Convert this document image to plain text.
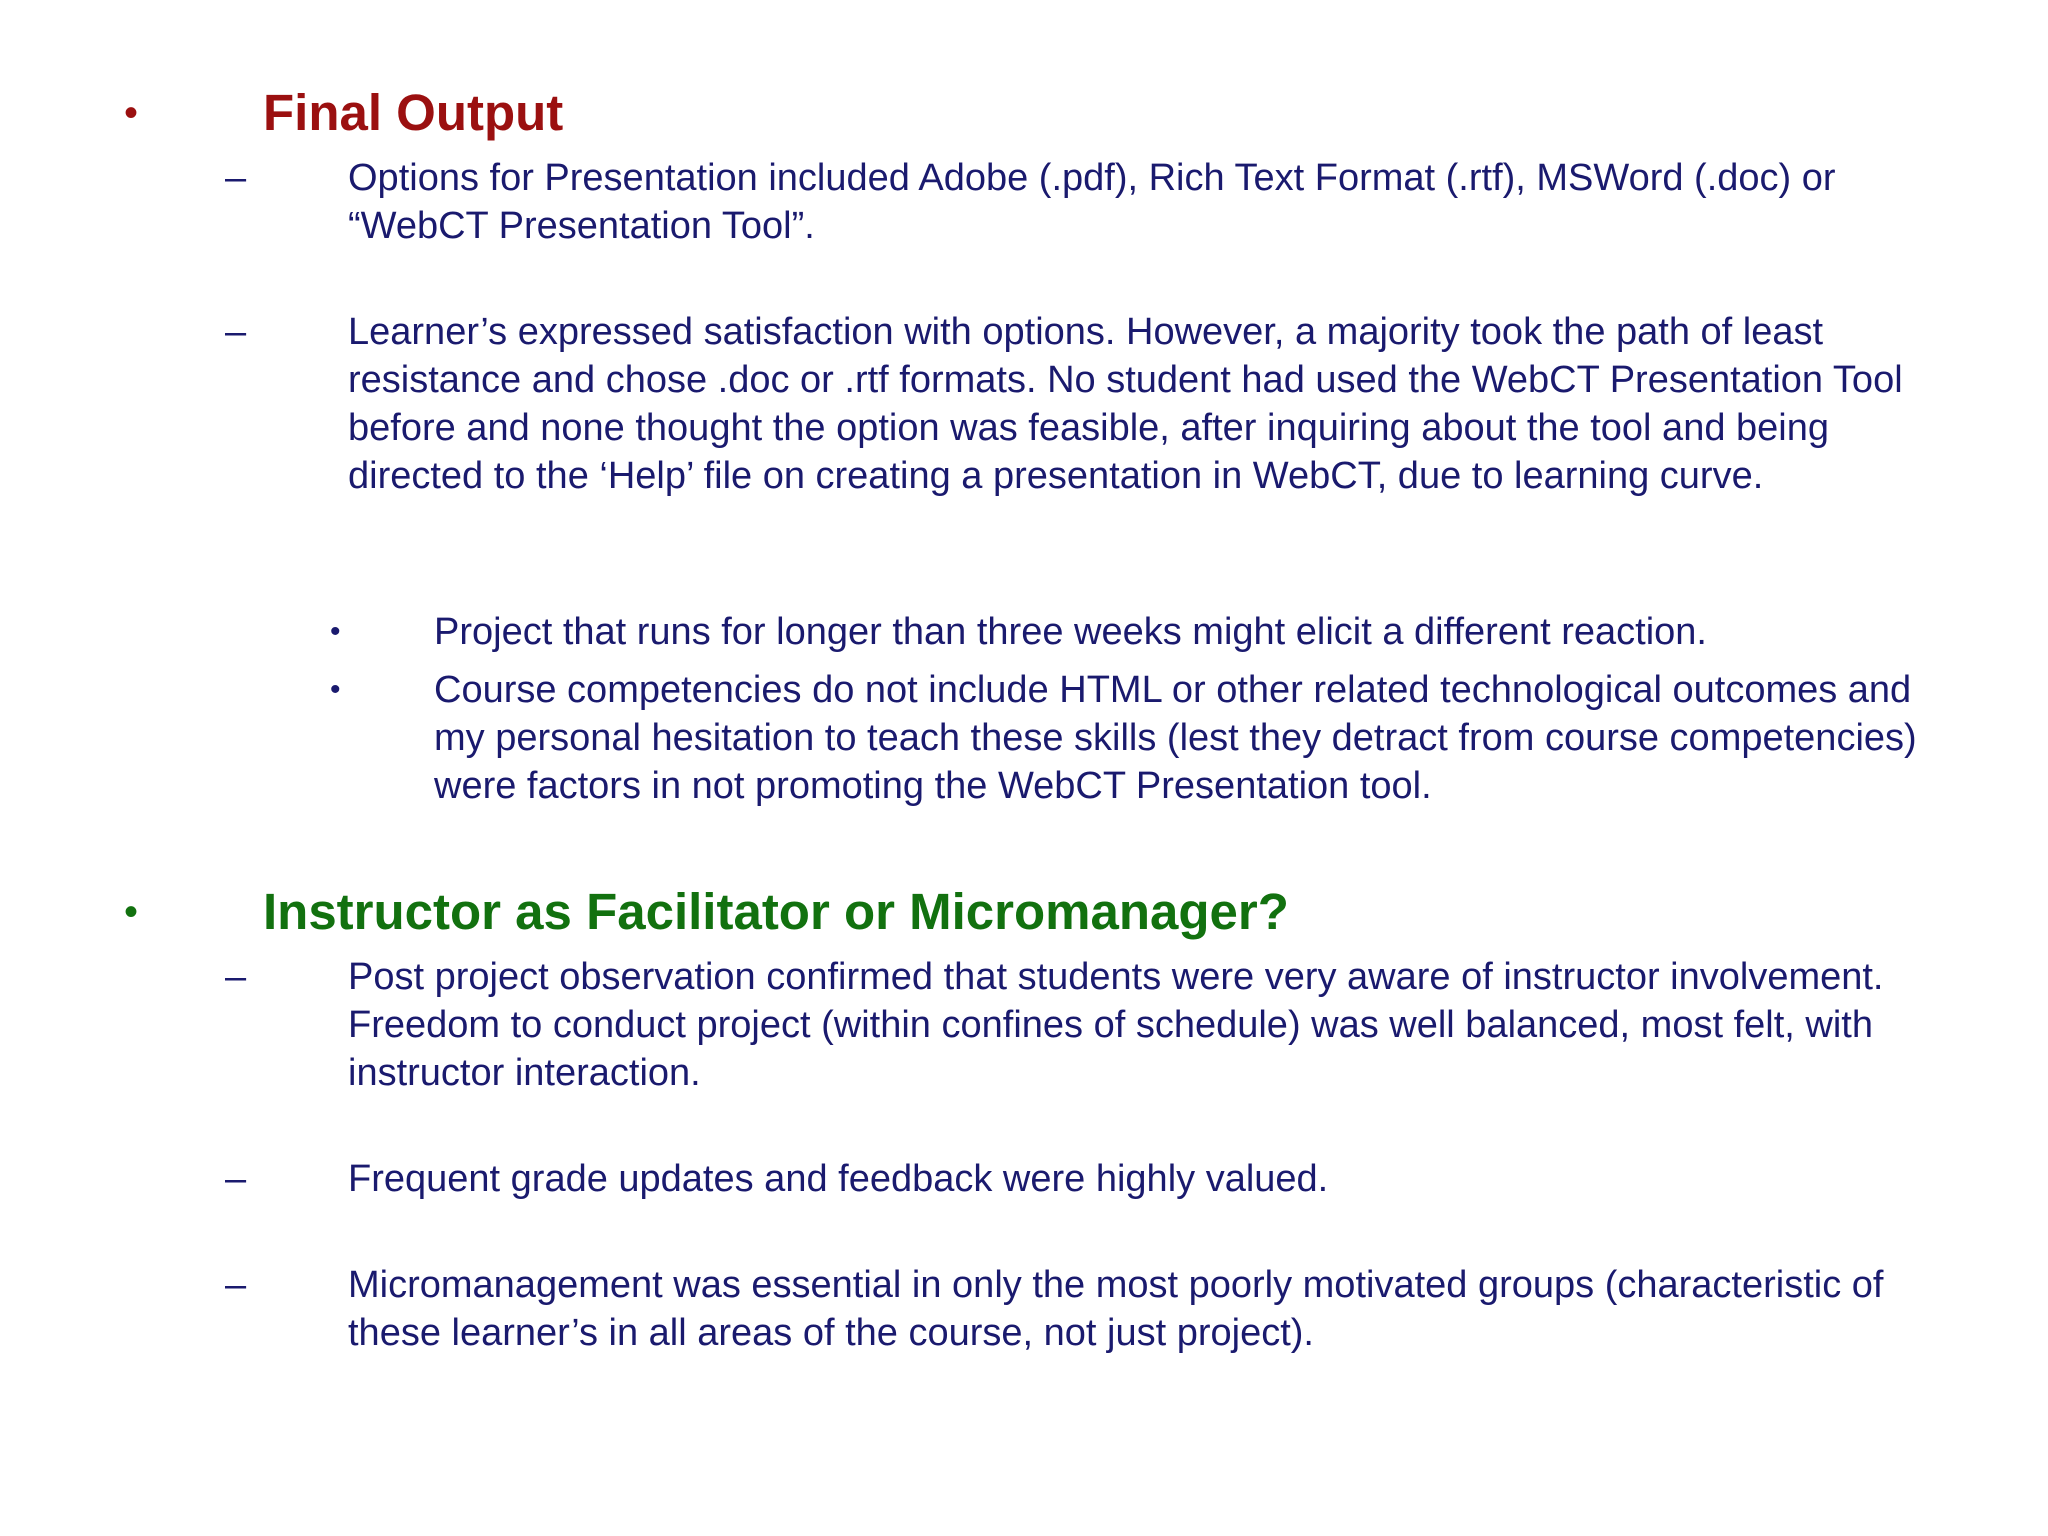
• Final Output
–	Options for Presentation included Adobe (.pdf), Rich Text Format (.rtf), MSWord (.doc) or “WebCT Presentation Tool”.
–	Learner’s expressed satisfaction with options. However, a majority took the path of least resistance and chose .doc or .rtf formats. No student had used the WebCT Presentation Tool before and none thought the option was feasible, after inquiring about the tool and being directed to the ‘Help’ file on creating a presentation in WebCT, due to learning curve.
• Project that runs for longer than three weeks might elicit a different reaction.
• Course competencies do not include HTML or other related technological outcomes and my personal hesitation to teach these skills (lest they detract from course competencies) were factors in not promoting the WebCT Presentation tool.
• Instructor as Facilitator or Micromanager?
–	Post project observation confirmed that students were very aware of instructor involvement. Freedom to conduct project (within confines of schedule) was well balanced, most felt, with instructor interaction.
–	Frequent grade updates and feedback were highly valued.
–	Micromanagement was essential in only the most poorly motivated groups (characteristic of these learner’s in all areas of the course, not just project).
